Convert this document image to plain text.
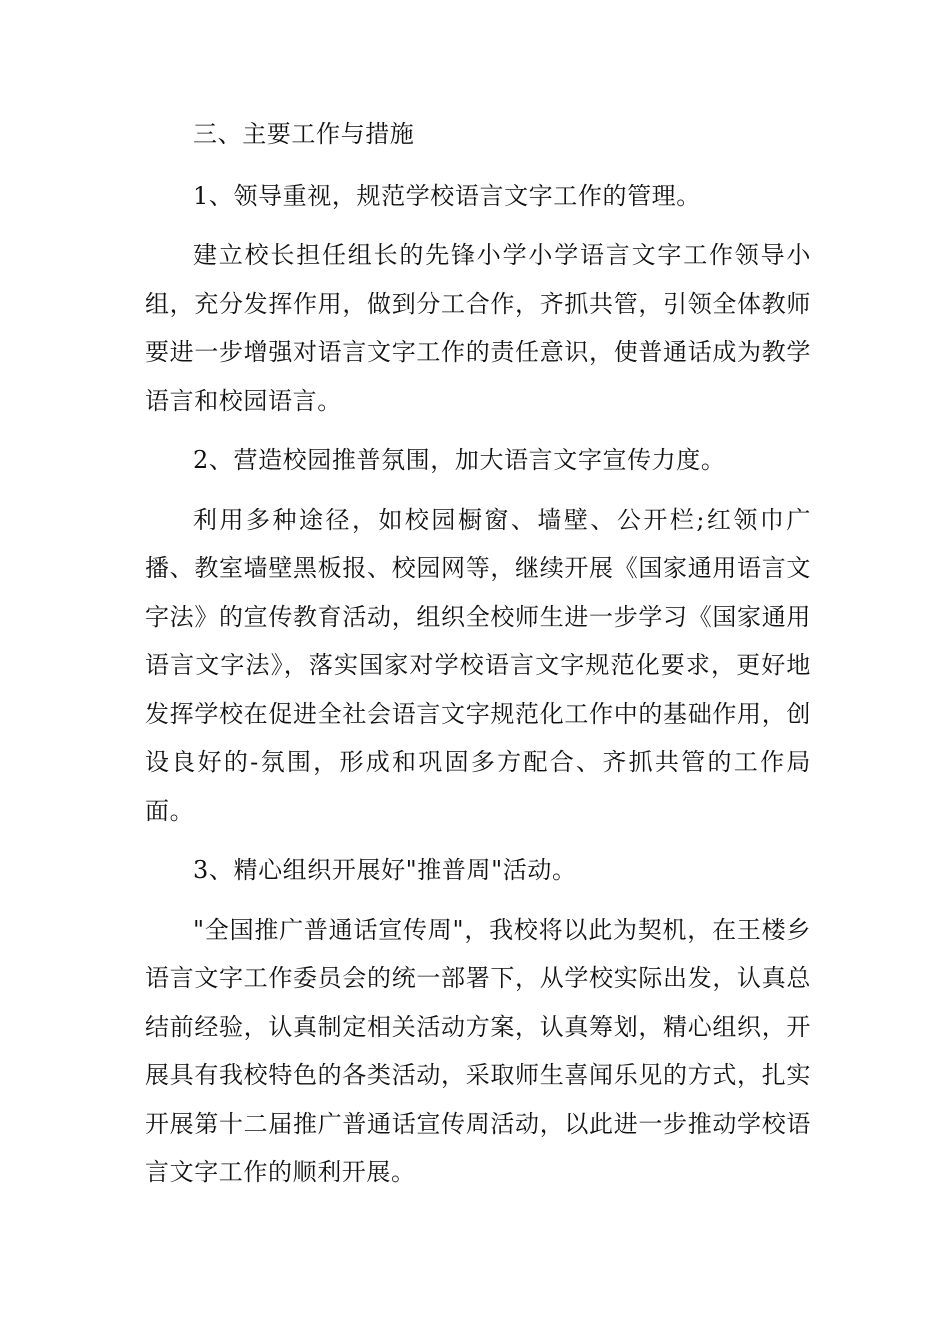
三、主要工作与措施

1、领导重视，规范学校语言文字工作的管理。

建立校长担任组长的先锋小学小学语言文字工作领导小组，充分发挥作用，做到分工合作，齐抓共管，引领全体教师要进一步增强对语言文字工作的责任意识，使普通话成为教学语言和校园语言。

2、营造校园推普氛围，加大语言文字宣传力度。

利用多种途径，如校园橱窗、墙壁、公开栏;红领巾广播、教室墙壁黑板报、校园网等，继续开展《国家通用语言文字法》的宣传教育活动，组织全校师生进一步学习《国家通用语言文字法》，落实国家对学校语言文字规范化要求，更好地发挥学校在促进全社会语言文字规范化工作中的基础作用，创设良好的-氛围，形成和巩固多方配合、齐抓共管的工作局面。

3、精心组织开展好"推普周"活动。

"全国推广普通话宣传周"，我校将以此为契机，在王楼乡语言文字工作委员会的统一部署下，从学校实际出发，认真总结前经验，认真制定相关活动方案，认真筹划，精心组织，开展具有我校特色的各类活动，采取师生喜闻乐见的方式，扎实开展第十二届推广普通话宣传周活动，以此进一步推动学校语言文字工作的顺利开展。
